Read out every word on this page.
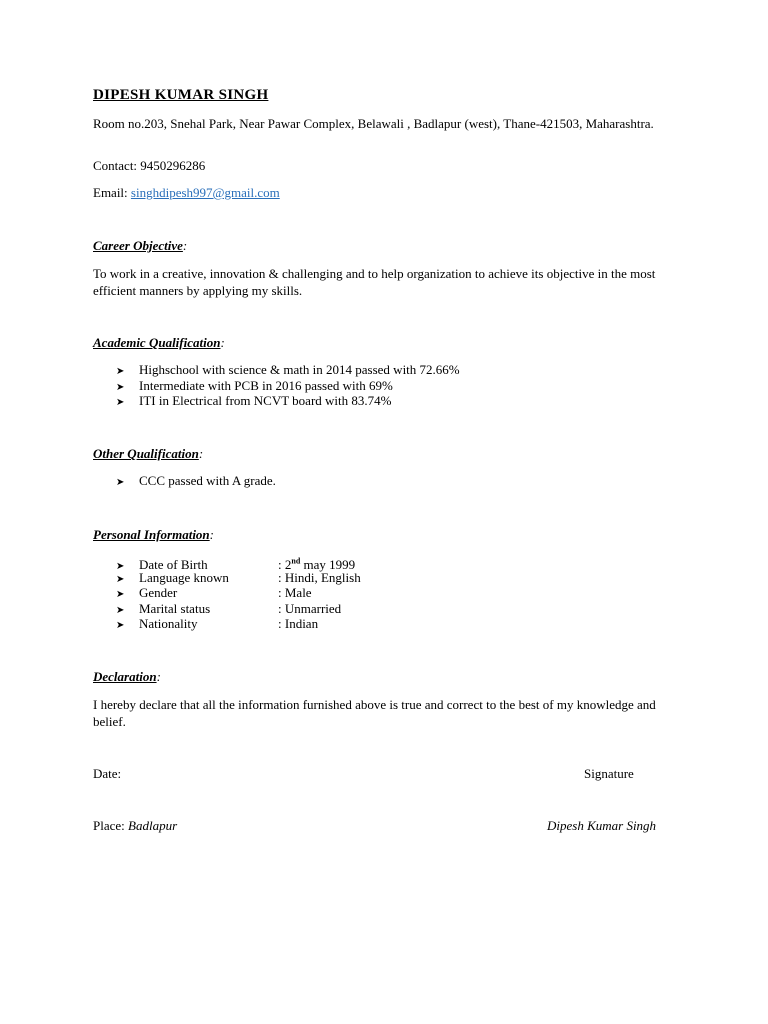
DIPESH KUMAR SINGH
Room no.203, Snehal Park, Near Pawar Complex, Belawali , Badlapur (west), Thane-421503, Maharashtra.
Contact: 9450296286
Email: singhdipesh997@gmail.com
Career Objective:
To work in a creative, innovation & challenging and to help organization to achieve its objective in the most efficient manners by applying my skills.
Academic Qualification:
➤ Highschool with science & math in 2014 passed with 72.66%
➤ Intermediate with PCB in 2016 passed with 69%
➤ ITI in Electrical from NCVT board with 83.74%
Other Qualification:
➤ CCC passed with A grade.
Personal Information:
➤ Date of Birth	: 2nd may 1999
➤ Language known	: Hindi, English
➤ Gender	: Male
➤ Marital status	: Unmarried
➤ Nationality	: Indian
Declaration:
I hereby declare that all the information furnished above is true and correct to the best of my knowledge and belief.
Date:	Signature
Place: Badlapur	Dipesh Kumar Singh
